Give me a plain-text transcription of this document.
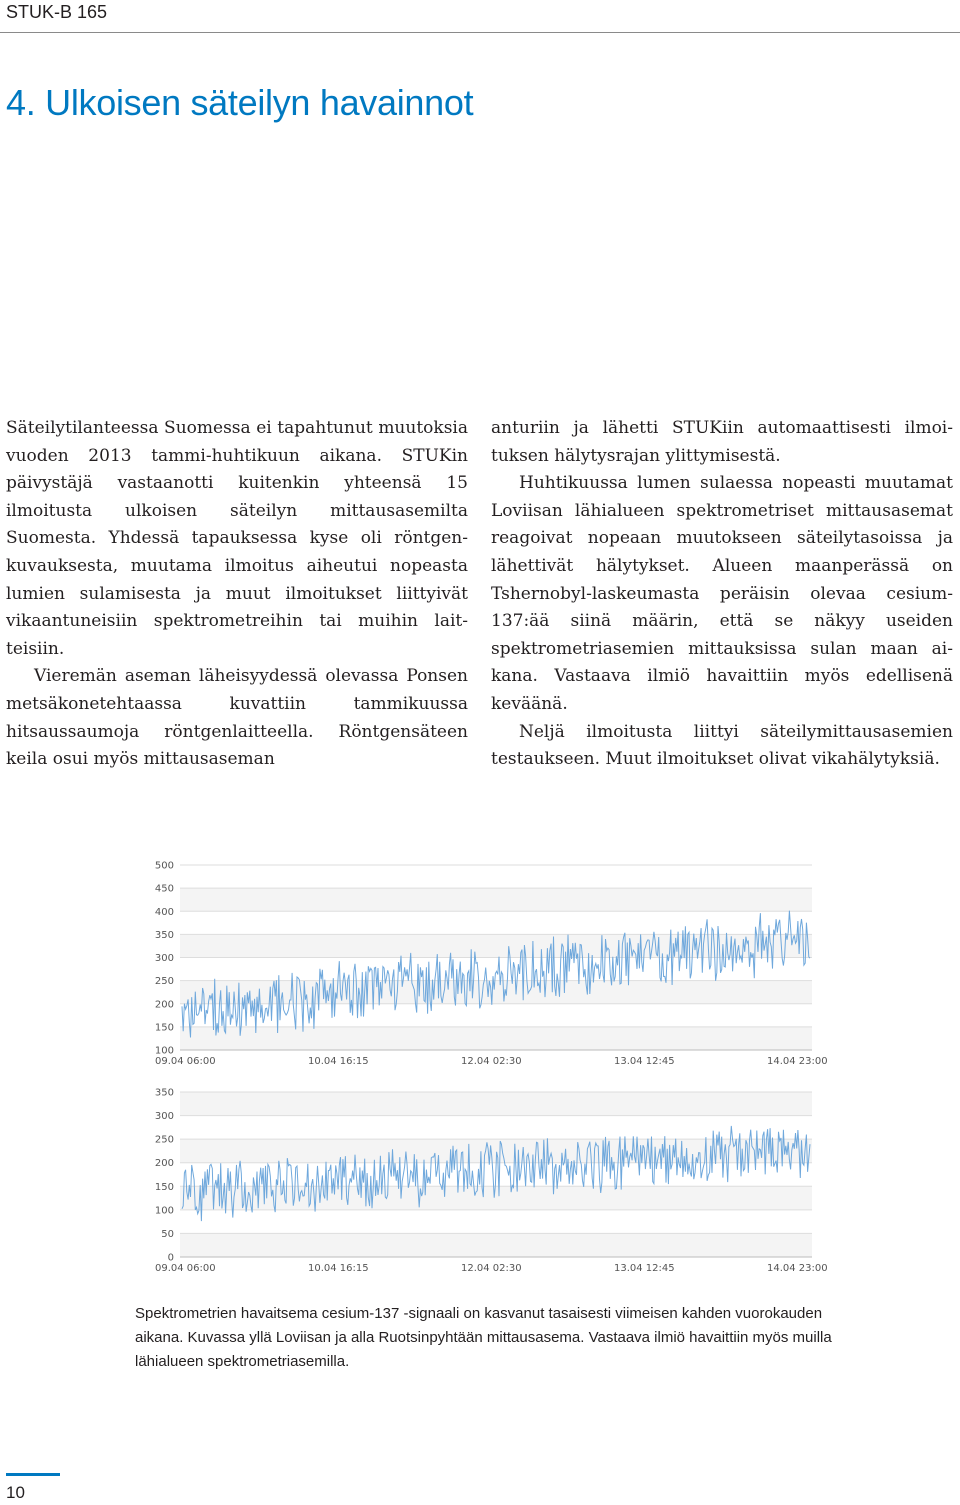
STUK-B 165
4. Ulkoisen säteilyn havainnot

Säteilytilanteessa Suomessa ei tapahtunut muutoksia vuoden 2013 tammi-huhtikuun aikana. STUKin päivystäjä vastaanotti kuitenkin yhteensä 15 ilmoitusta ulkoisen säteilyn mittausasemilta Suomesta. Yhdessä tapauksessa kyse oli röntgenkuvauksesta, muutama ilmoitus aiheutui nopeasta lumien sulamisesta ja muut ilmoitukset liittyivät vikaantuneisiin spektrometreihin tai muihin laitteisiin.

Vieremän aseman läheisyydessä olevassa Ponsen metsäkonetehtaassa kuvattiin tammikuussa hitsaussaumoja röntgenlaitteella. Röntgensäteen keila osui myös mittausaseman

anturiin ja lähetti STUKiin automaattisesti ilmoituksen hälytysrajan ylittymisestä.

Huhtikuussa lumen sulaessa nopeasti muutamat Loviisan lähialueen spektrometriset mittausasemat reagoivat nopeaan muutokseen säteilytasoissa ja lähettivät hälytykset. Alueen maanperässä on Tshernobyl-laskeumasta peräisin olevaa cesium-137:ää siinä määrin, että se näkyy useiden spektrometriasemien mittauksissa sulan maan aikana. Vastaava ilmiö havaittiin myös edellisenä keväänä.

Neljä ilmoitusta liittyi säteilymittausasemien testaukseen. Muut ilmoitukset olivat vikahälytyksiä.

100
150
200
250
300
350
400
450
500
09.04 06:00	10.04 16:15	12.04 02:30	13.04 12:45	14.04 23:00
0
50
100
150
200
250
300
350
09.04 06:00	10.04 16:15	12.04 02:30	13.04 12:45	14.04 23:00
Spektrometrien havaitsema cesium-137 -signaali on kasvanut tasaisesti viimeisen kahden vuorokauden aikana. Kuvassa yllä Loviisan ja alla Ruotsinpyhtään mittausasema. Vastaava ilmiö havaittiin myös muilla lähialueen spektrometriasemilla.
10
